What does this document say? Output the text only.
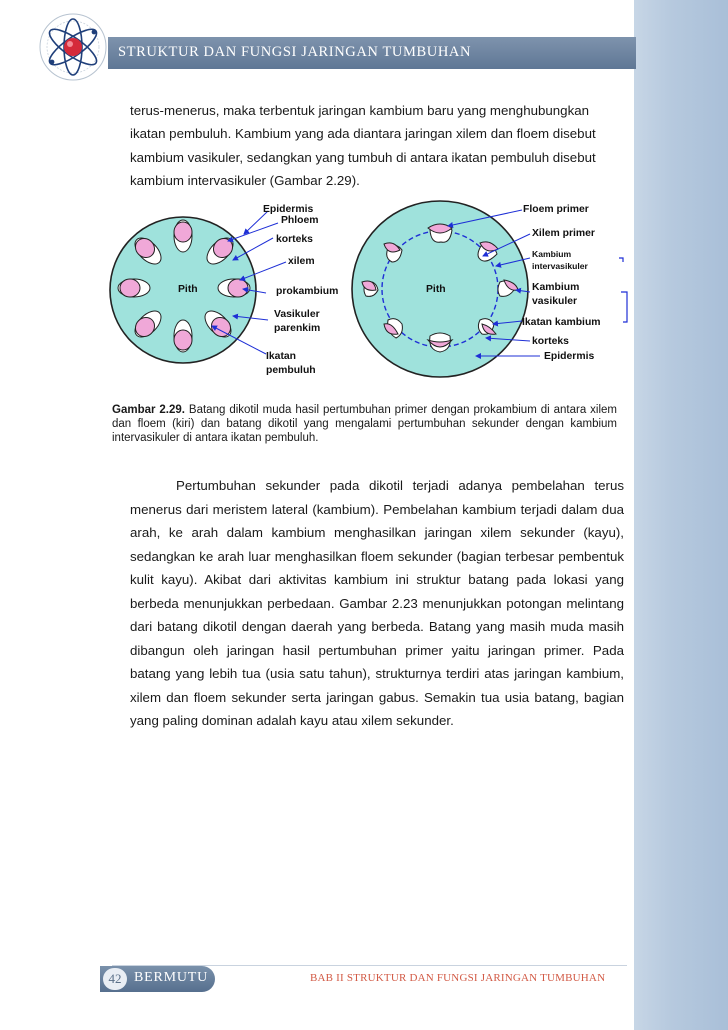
STRUKTUR DAN FUNGSI JARINGAN TUMBUHAN

terus-menerus, maka terbentuk jaringan kambium baru yang menghubungkan

ikatan pembuluh. Kambium yang ada diantara jaringan xilem dan floem disebut

kambium vasikuler, sedangkan yang tumbuh di antara ikatan pembuluh disebut

kambium intervasikuler (Gambar 2.29).

Epidermis
Phloem
korteks
xilem
Pith	prokambium
Vasikuler
parenkim
Ikatan
pembuluh
Floem primer
Xilem primer
Kambium
intervasikuler
Pith	Kambium
vasikuler
Ikatan kambium
korteks
Epidermis
Gambar 2.29. Batang dikotil muda hasil pertumbuhan primer dengan prokambium di antara xilem dan floem (kiri) dan batang dikotil yang mengalami pertumbuhan sekunder dengan kambium intervasikuler di antara ikatan pembuluh.

Pertumbuhan sekunder pada dikotil terjadi adanya pembelahan terus

menerus dari meristem lateral (kambium). Pembelahan kambium terjadi dalam dua arah, ke arah dalam kambium menghasilkan jaringan xilem sekunder (kayu), sedangkan ke arah luar menghasilkan floem sekunder (bagian terbesar pembentuk kulit kayu). Akibat dari aktivitas kambium ini struktur batang pada lokasi yang berbeda menunjukkan perbedaan. Gambar 2.23 menunjukkan potongan melintang dari batang dikotil dengan daerah yang berbeda. Batang yang masih muda masih dibangun oleh jaringan hasil pertumbuhan primer yaitu jaringan primer. Pada batang yang lebih tua (usia satu tahun), strukturnya terdiri atas jaringan kambium, xilem dan floem sekunder serta jaringan gabus. Semakin tua usia batang, bagian yang paling dominan adalah kayu atau xilem sekunder.

42 BERMUTU	BAB II STRUKTUR DAN FUNGSI JARINGAN TUMBUHAN
